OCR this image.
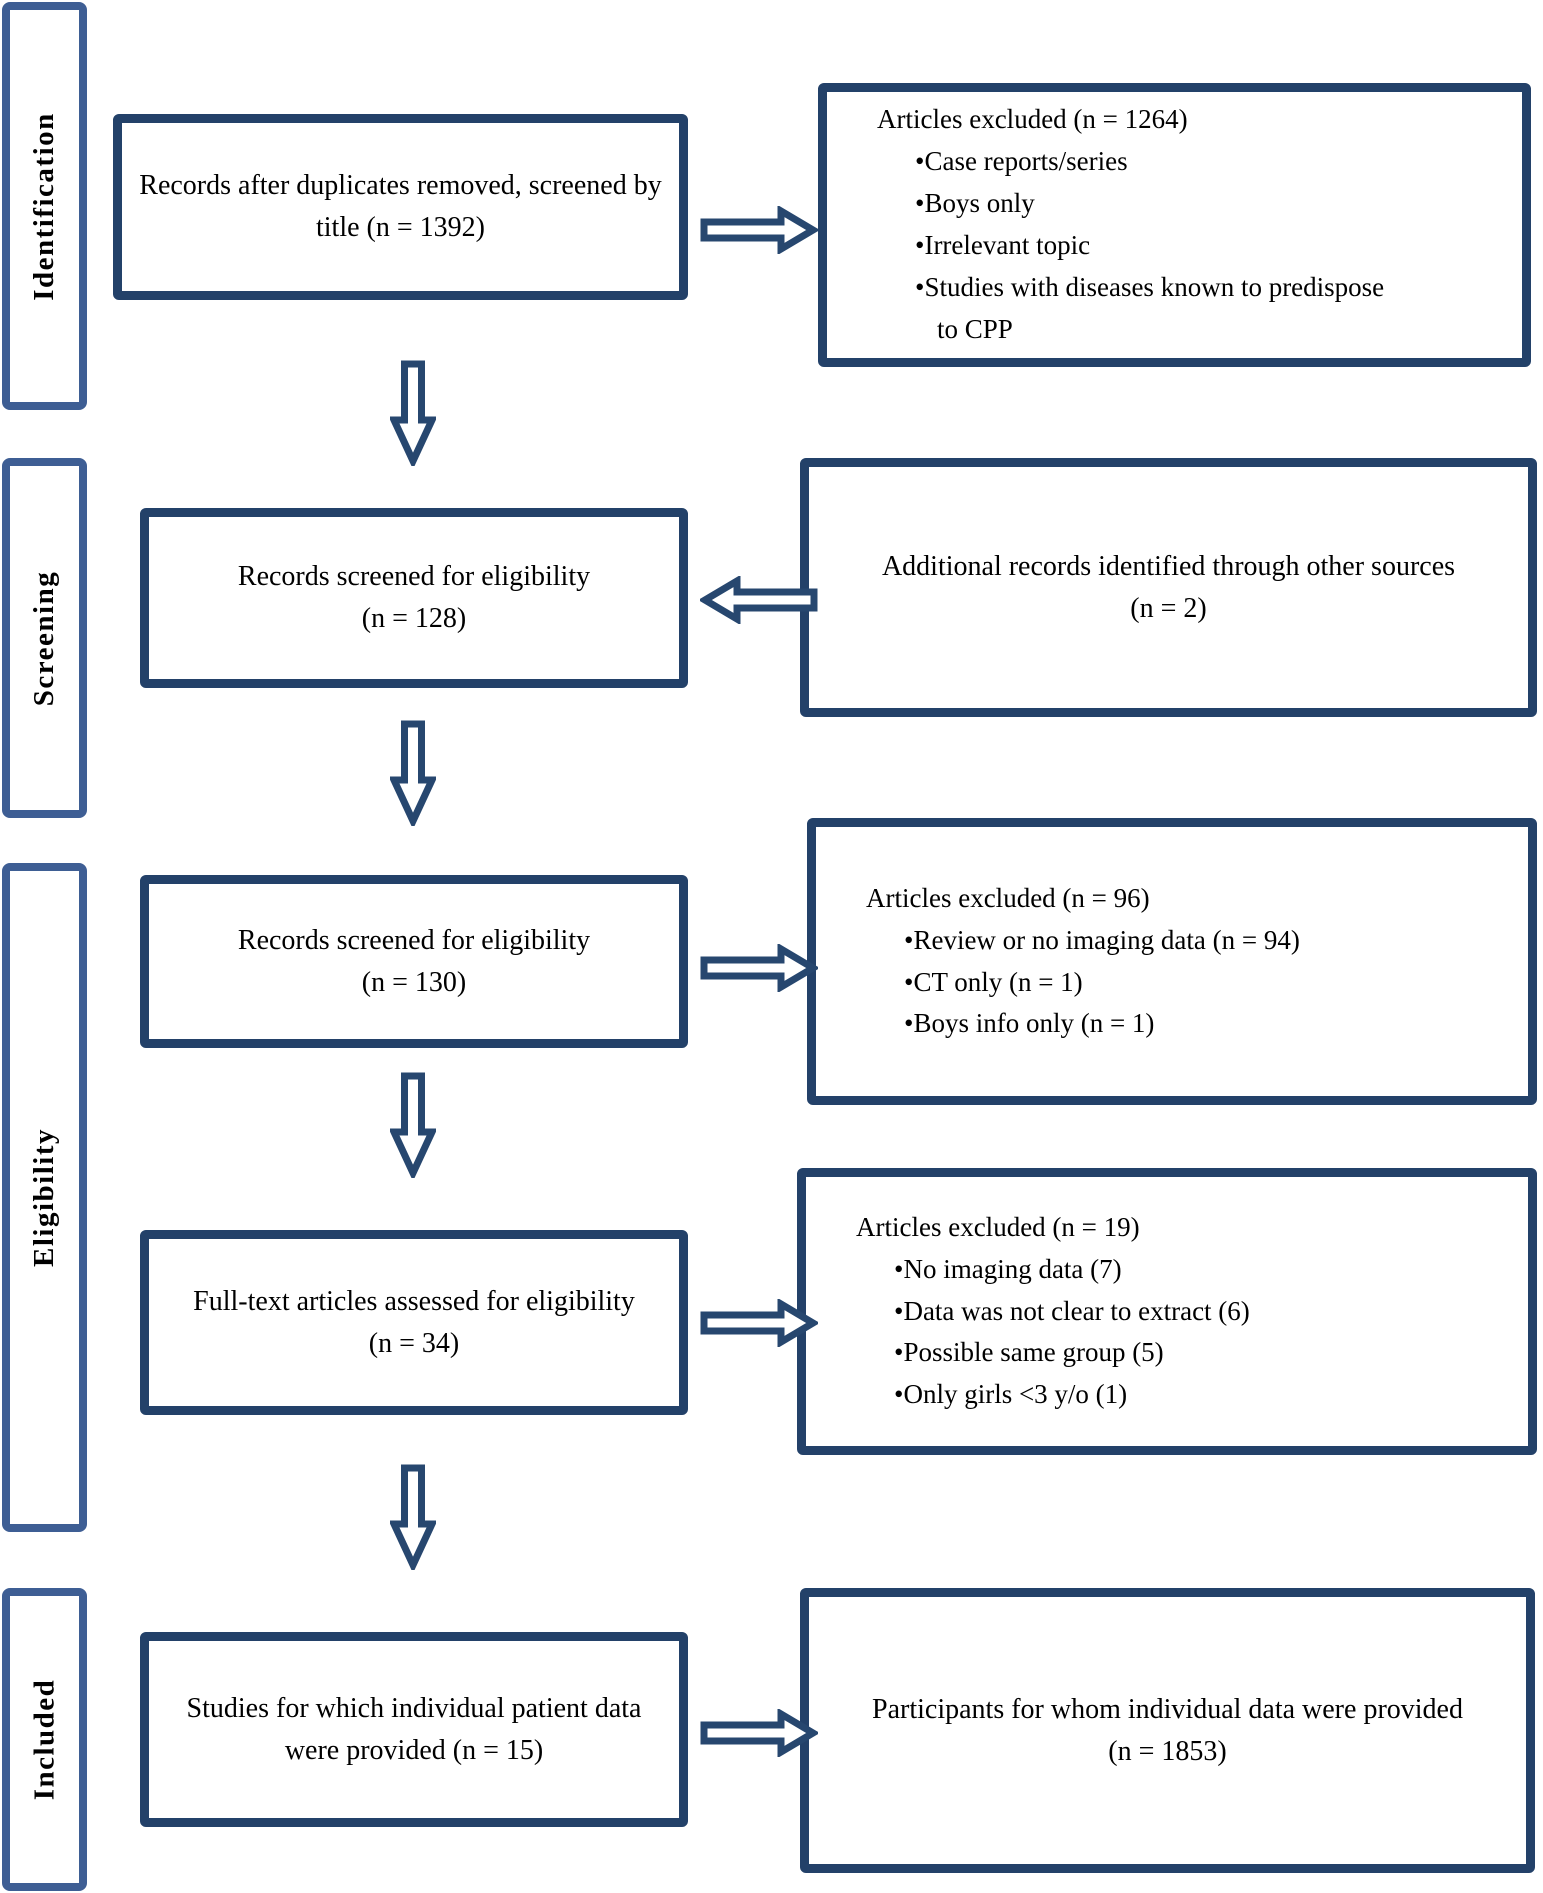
Identification
Screening
Eligibility
Included
Records after duplicates removed, screened by
title (n = 1392)
Records screened for eligibility
(n = 128)
Records screened for eligibility
(n = 130)
Full-text articles assessed for eligibility
(n = 34)
Studies for which individual patient data
were provided (n = 15)
Articles excluded (n = 1264)
• Case reports/series
• Boys only
• Irrelevant topic
• Studies with diseases known to predispose to CPP
Additional records identified through other sources
(n = 2)
Articles excluded (n = 96)
• Review or no imaging data (n = 94)
• CT only (n = 1)
• Boys info only (n = 1)
Articles excluded (n = 19)
• No imaging data (7)
• Data was not clear to extract (6)
• Possible same group (5)
• Only girls <3 y/o (1)
Participants for whom individual data were provided
(n = 1853)
